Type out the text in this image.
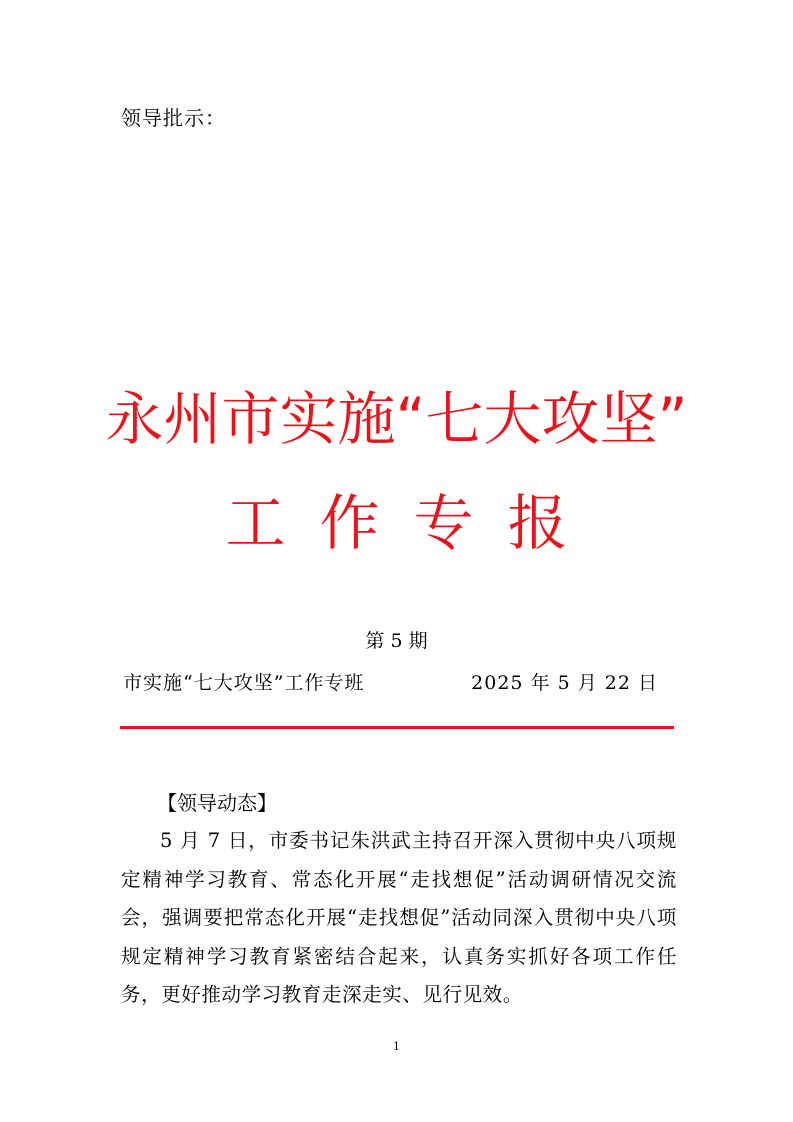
领导批示：
永州市实施“七大攻坚”
工作专报
第 5 期
市实施“七大攻坚”工作专班	2025 年 5 月 22 日
【领导动态】

5 月 7 日，市委书记朱洪武主持召开深入贯彻中央八项规定精神学习教育、常态化开展“走找想促”活动调研情况交流会，强调要把常态化开展“走找想促”活动同深入贯彻中央八项规定精神学习教育紧密结合起来，认真务实抓好各项工作任务，更好推动学习教育走深走实、见行见效。

1
